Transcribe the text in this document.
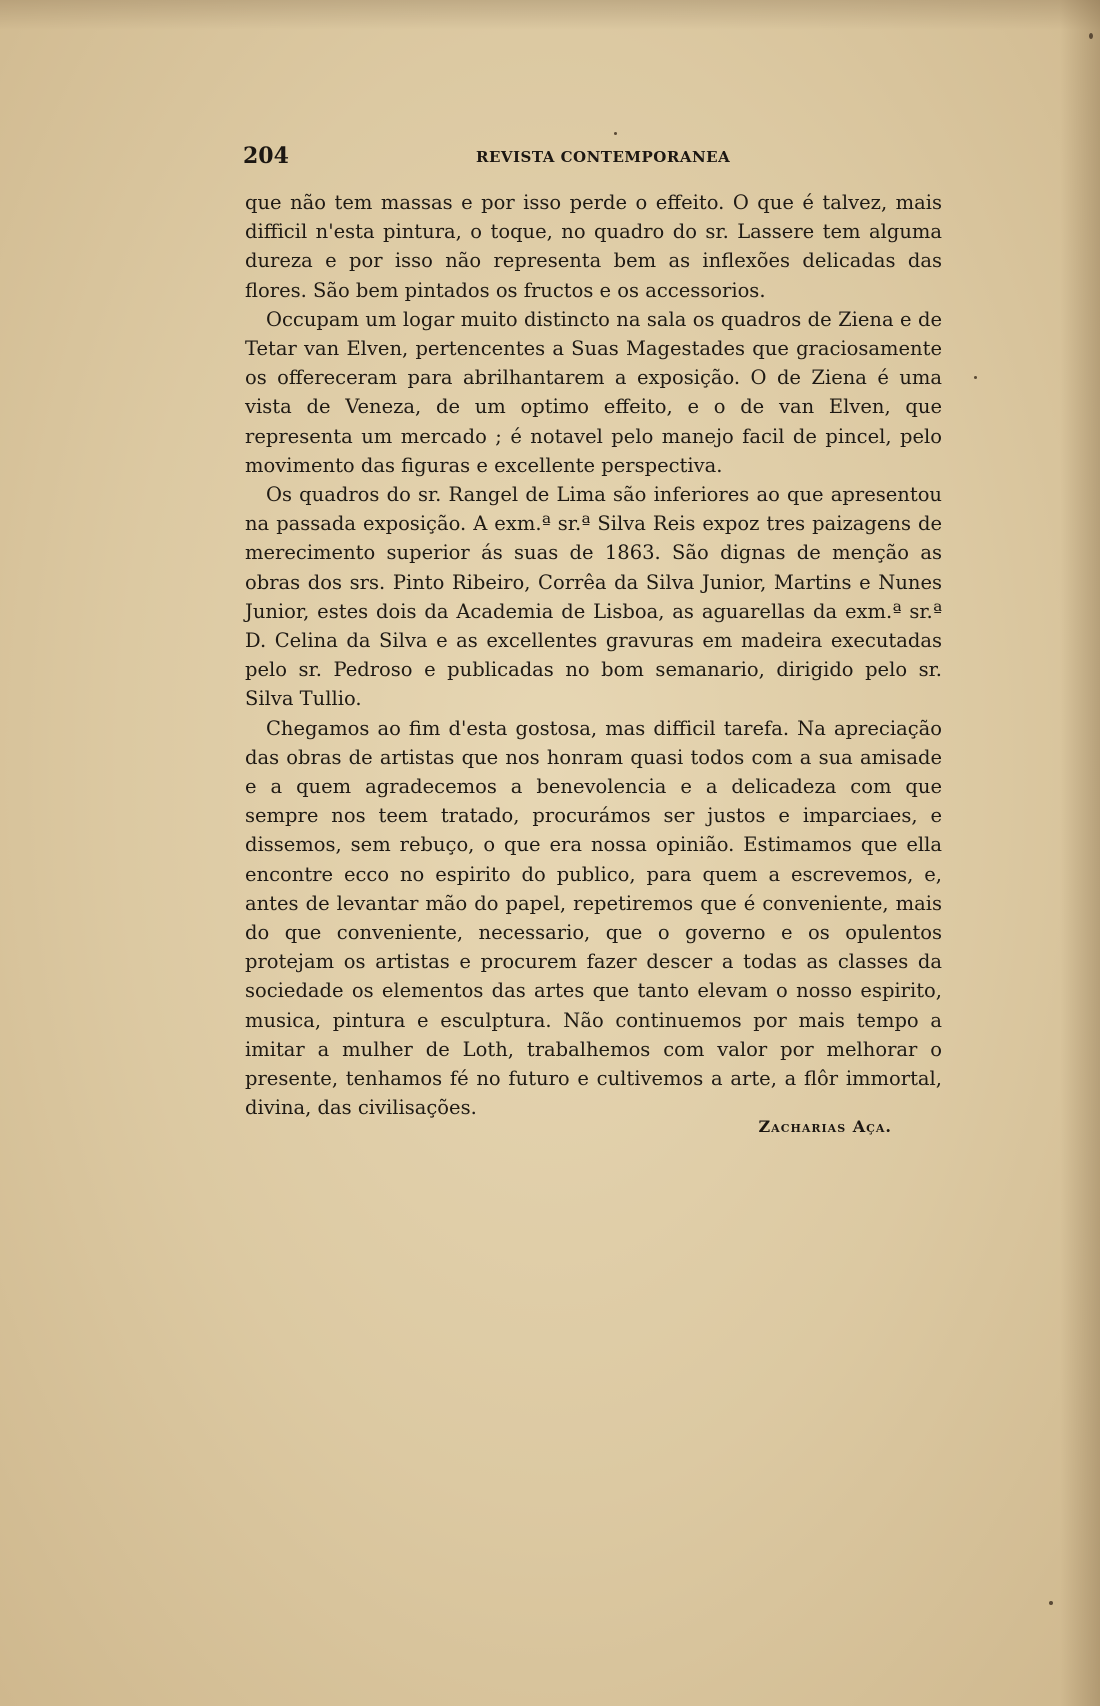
204	REVISTA CONTEMPORANEA

que não tem massas e por isso perde o effeito. O que é talvez, mais difficil n'esta pintura, o toque, no quadro do sr. Lassere tem alguma dureza e por isso não representa bem as inflexões delicadas das flores. São bem pintados os fructos e os accessorios.

Occupam um logar muito distincto na sala os quadros de Ziena e de Tetar van Elven, pertencentes a Suas Magestades que graciosamente os offereceram para abrilhantarem a exposição. O de Ziena é uma vista de Veneza, de um optimo effeito, e o de van Elven, que representa um mercado ; é notavel pelo manejo facil de pincel, pelo movimento das figuras e excellente perspectiva.

Os quadros do sr. Rangel de Lima são inferiores ao que apresentou na passada exposição. A exm.ª sr.ª Silva Reis expoz tres paizagens de merecimento superior ás suas de 1863. São dignas de menção as obras dos srs. Pinto Ribeiro, Corrêa da Silva Junior, Martins e Nunes Junior, estes dois da Academia de Lisboa, as aguarellas da exm.ª sr.ª D. Celina da Silva e as excellentes gravuras em madeira executadas pelo sr. Pedroso e publicadas no bom semanario, dirigido pelo sr. Silva Tullio.

Chegamos ao fim d'esta gostosa, mas difficil tarefa. Na apreciação das obras de artistas que nos honram quasi todos com a sua amisade e a quem agradecemos a benevolencia e a delicadeza com que sempre nos teem tratado, procurámos ser justos e imparciaes, e dissemos, sem rebuço, o que era nossa opinião. Estimamos que ella encontre ecco no espirito do publico, para quem a escrevemos, e, antes de levantar mão do papel, repetiremos que é conveniente, mais do que conveniente, necessario, que o governo e os opulentos protejam os artistas e procurem fazer descer a todas as classes da sociedade os elementos das artes que tanto elevam o nosso espirito, musica, pintura e esculptura. Não continuemos por mais tempo a imitar a mulher de Loth, trabalhemos com valor por melhorar o presente, tenhamos fé no futuro e cultivemos a arte, a flôr immortal, divina, das civilisações.

Zacharias Aça.
